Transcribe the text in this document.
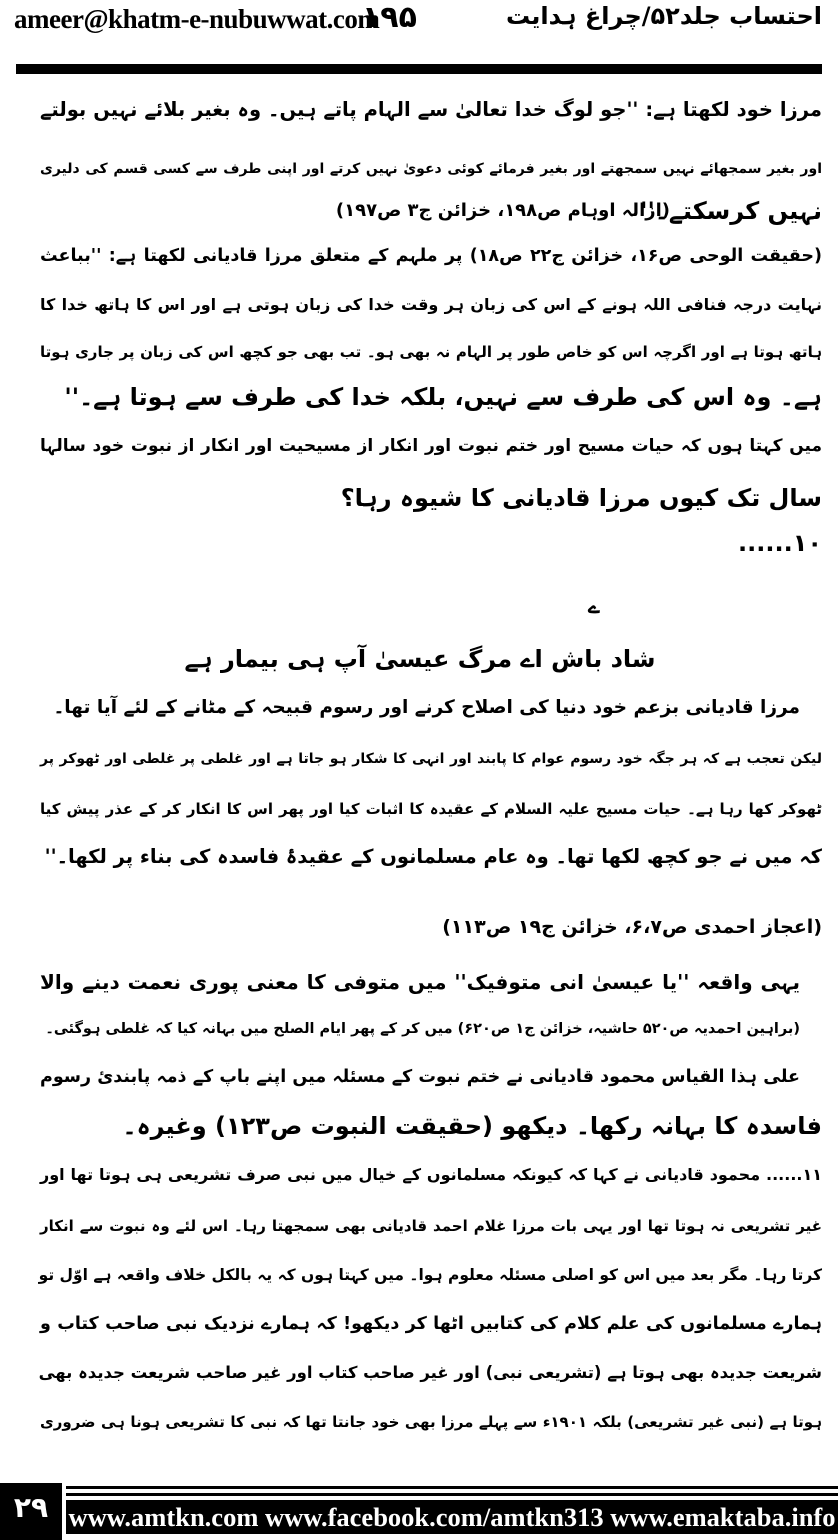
ameer@khatm-e-nubuwwat.com
۱۹۵	احتساب جلد۵۲/چراغ ہدایت
مرزا خود لکھتا ہے: ''جو لوگ خدا تعالیٰ سے الہام پاتے ہیں۔ وہ بغیر بلائے نہیں بولتے
اور بغیر سمجھائے نہیں سمجھتے اور بغیر فرمائے کوئی دعویٰ نہیں کرتے اور اپنی طرف سے کسی قسم کی دلیری
نہیں کرسکتے۔''
(ازالہ اوہام ص۱۹۸، خزائن ج۳ ص۱۹۷)
(حقیقت الوحی ص۱۶، خزائن ج۲۲ ص۱۸) پر ملہم کے متعلق مرزا قادیانی لکھتا ہے: ''بباعث
نہایت درجہ فنافی اللہ ہونے کے اس کی زبان ہر وقت خدا کی زبان ہوتی ہے اور اس کا ہاتھ خدا کا
ہاتھ ہوتا ہے اور اگرچہ اس کو خاص طور پر الہام نہ بھی ہو۔ تب بھی جو کچھ اس کی زبان پر جاری ہوتا
ہے۔ وہ اس کی طرف سے نہیں، بلکہ خدا کی طرف سے ہوتا ہے۔''
میں کہتا ہوں کہ حیات مسیح اور ختم نبوت اور انکار از مسیحیت اور انکار از نبوت خود سالہا
سال تک کیوں مرزا قادیانی کا شیوہ رہا؟
۱۰......
ے
شاد باش اے مرگ عیسیٰ آپ ہی بیمار ہے
مرزا قادیانی بزعم خود دنیا کی اصلاح کرنے اور رسوم قبیحہ کے مٹانے کے لئے آیا تھا۔
لیکن تعجب ہے کہ ہر جگہ خود رسوم عوام کا پابند اور انہی کا شکار ہو جاتا ہے اور غلطی پر غلطی اور ٹھوکر پر
ٹھوکر کھا رہا ہے۔ حیات مسیح علیہ السلام کے عقیدہ کا اثبات کیا اور پھر اس کا انکار کر کے عذر پیش کیا
کہ میں نے جو کچھ لکھا تھا۔ وہ عام مسلمانوں کے عقیدۂ فاسدہ کی بناء پر لکھا۔''
(اعجاز احمدی ص۶،۷، خزائن ج۱۹ ص۱۱۳)
یہی واقعہ ''یا عیسیٰ انی متوفیک'' میں متوفی کا معنی پوری نعمت دینے والا
(براہین احمدیہ ص۵۲۰ حاشیہ، خزائن ج۱ ص۶۲۰) میں کر کے پھر ایام الصلح میں بہانہ کیا کہ غلطی ہوگئی۔
علی ہذا القیاس محمود قادیانی نے ختم نبوت کے مسئلہ میں اپنے باپ کے ذمہ پابندیٔ رسوم
فاسدہ کا بہانہ رکھا۔ دیکھو (حقیقت النبوت ص۱۲۳) وغیرہ۔
۱۱...... محمود قادیانی نے کہا کہ کیونکہ مسلمانوں کے خیال میں نبی صرف تشریعی ہی ہوتا تھا اور
غیر تشریعی نہ ہوتا تھا اور یہی بات مرزا غلام احمد قادیانی بھی سمجھتا رہا۔ اس لئے وہ نبوت سے انکار
کرتا رہا۔ مگر بعد میں اس کو اصلی مسئلہ معلوم ہوا۔ میں کہتا ہوں کہ یہ بالکل خلاف واقعہ ہے اوّل تو
ہمارے مسلمانوں کی علم کلام کی کتابیں اٹھا کر دیکھو! کہ ہمارے نزدیک نبی صاحب کتاب و
شریعت جدیدہ بھی ہوتا ہے (تشریعی نبی) اور غیر صاحب کتاب اور غیر صاحب شریعت جدیدہ بھی
ہوتا ہے (نبی غیر تشریعی) بلکہ ۱۹۰۱ء سے پہلے مرزا بھی خود جانتا تھا کہ نبی کا تشریعی ہونا ہی ضروری
۲۹ www.amtkn.com www.facebook.com/amtkn313 www.emaktaba.info
